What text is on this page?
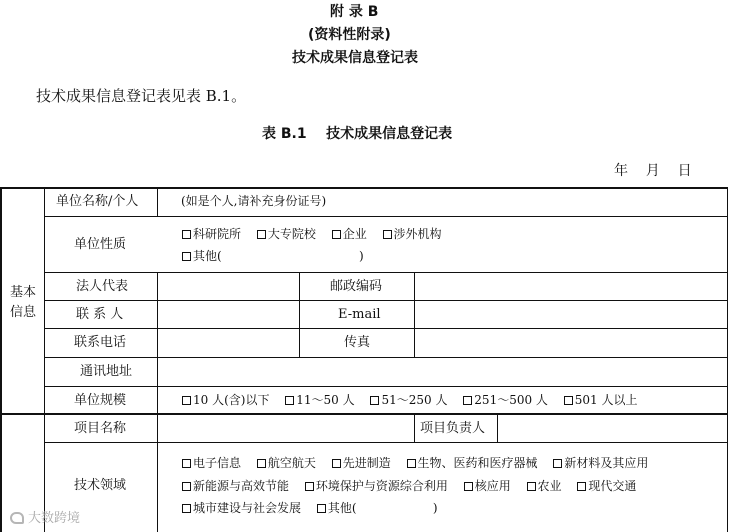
附 录 B
(资料性附录)
技术成果信息登记表
技术成果信息登记表见表 B.1。
表 B.1    技术成果信息登记表
年    月    日
基本
信息
单位名称/个人	(如是个人,请补充身份证号)
单位性质
科研院所 大专院校 企业 涉外机构
其他(                                    )
法人代表	邮政编码
联 系 人	E-mail
联系电话	传真
通讯地址
单位规模	10 人(含)以下 11～50 人 51～250 人 251～500 人 501 人以上
项目名称	项目负责人
技术领域
电子信息 航空航天 先进制造 生物、医药和医疗器械 新材料及其应用
新能源与高效节能 环境保护与资源综合利用 核应用 农业 现代交通
城市建设与社会发展 其他(                    )
大数跨境
